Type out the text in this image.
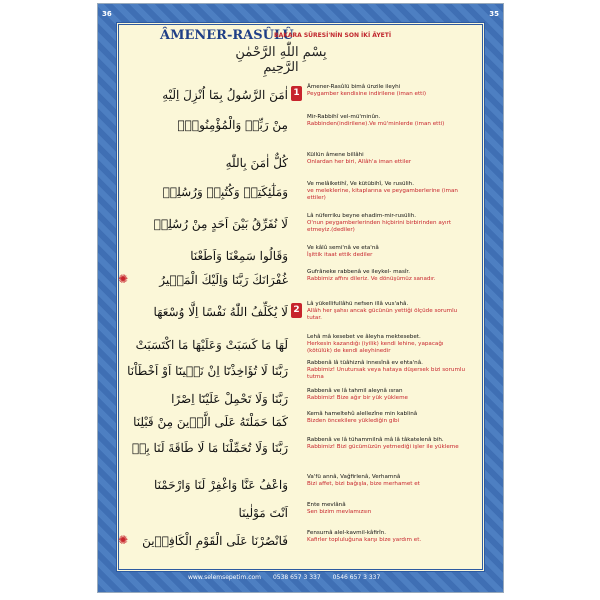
36	35
ÂMENER-RASÛLÛ
BAKARA SÛRESİ'NİN SON İKİ ÂYETİ
بِسْمِ اللّٰهِ الرَّحْمٰنِ الرَّحِيمِ
اٰمَنَ الرَّسُولُ بِمَٓا اُنْزِلَ اِلَيْهِ 1
Âmener-Rasûlü bimâ ünzile ileyhi
Peygamber kendisine indirilene (iman etti)
مِنْ رَبِّه۪ وَالْمُؤْمِنُونَۜ
Mir-Rabbihî vel-mü'minûn.
Rabbinden(indirilene).Ve mü'minlerde (iman etti)
كُلٌّ اٰمَنَ بِاللّٰهِ
Küllün âmene billâhi
Onlardan her biri, Allâh'a iman ettiler
وَمَلٰٓئِكَتِه۪ وَكُتُبِه۪ وَرُسُلِه۪
Ve melâiketihî, Ve kütübihî, Ve rusülih.
ve meleklerine, kitaplarına ve peygamberlerine (iman ettiler)
لَا نُفَرِّقُ بَيْنَ اَحَدٍ مِنْ رُسُلِه۪
Lâ nüferriku beyne ehadim-mir-rusülih.
O'nun peygamberlerinden hiçbirini birbirinden ayırt etmeyiz.(dediler)
وَقَالُوا سَمِعْنَا وَاَطَعْنَا
Ve kâlû semi'nâ ve eta'nâ
İşittik itaat ettik dediler
غُفْرَانَكَ رَبَّنَا وَاِلَيْكَ الْمَص۪يرُ
✺	Gufrâneke rabbenâ ve ileykel- masîr.
Rabbimiz affını dileriz. Ve dönüşümüz sanadır.
لَا يُكَلِّفُ اللّٰهُ نَفْسًا اِلَّا وُسْعَهَا 2
Lâ yükellifullâhü nefsen illâ vus'ahâ.
Allâh her şahsı ancak gücünün yettiği ölçüde sorumlu tutar.
لَهَا مَا كَسَبَتْ وَعَلَيْهَا مَا اكْتَسَبَتْ
Lehâ mâ kesebet ve âleyha mektesebet.
Herkesin kazandığı (iyilik) kendi lehine, yapacağı (kötülük) de kendi aleyhinedir
رَبَّنَا لَا تُؤَاخِذْنَٓا اِنْ نَس۪ينَٓا اَوْ اَخْطَاْنَا
Rabbenâ lâ tüâhiznâ innesînâ ev ehta'nâ.
Rabbimiz! Unutursak veya hataya düşersek bizi sorumlu tutma
رَبَّنَا وَلَا تَحْمِلْ عَلَيْنَٓا اِصْرًا
Rabbenâ ve lâ tahmil aleynâ ısran
Rabbimiz! Bize ağır bir yük yükleme
كَمَا حَمَلْتَهُ عَلَى الَّذ۪ينَ مِنْ قَبْلِنَا
Kemâ hameltehû alellezîne min kablinâ
Bizden öncekilere yüklediğin gibi
رَبَّنَا وَلَا تُحَمِّلْنَا مَا لَا طَاقَةَ لَنَا بِه۪
Rabbenâ ve lâ tühammilnâ mâ lâ tâkatelenâ bih.
Rabbimiz! Bizi gücümüzün yetmediği işler ile yükleme
وَاعْفُ عَنَّا وَاغْفِرْ لَنَا وَارْحَمْنَا
Va'fü annâ, Vağfirlenâ, Verhamnâ
Bizi affet, bizi bağışla, bize merhamet et
اَنْتَ مَوْلٰينَا
Ente mevlânâ
Sen bizim mevlamızsın
فَانْصُرْنَا عَلَى الْقَوْمِ الْكَافِر۪ينَ
✺	Fensurnâ alel-kavmil-kâfirîn.
Kafirler topluluğuna karşı bize yardım et.
www.selemsepetim.com 0538 657 3 337 0546 657 3 337
